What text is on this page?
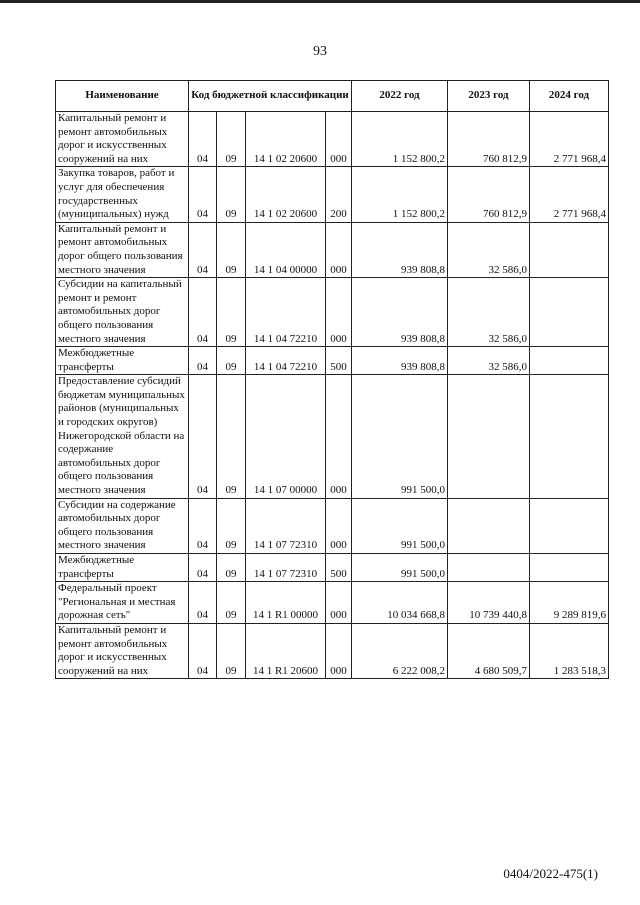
93
Наименование	Код бюджетной классификации				2022 год	2023 год	2024 год
Капитальный ремонт и ремонт автомобильных дорог и искусственных сооружений на них	04	09	14 1 02 20600	000	1 152 800,2	760 812,9	2 771 968,4
Закупка товаров, работ и услуг для обеспечения государственных (муниципальных) нужд	04	09	14 1 02 20600	200	1 152 800,2	760 812,9	2 771 968,4
Капитальный ремонт и ремонт автомобильных дорог общего пользования местного значения	04	09	14 1 04 00000	000	939 808,8	32 586,0	
Субсидии на капитальный ремонт и ремонт автомобильных дорог общего пользования местного значения	04	09	14 1 04 72210	000	939 808,8	32 586,0	
Межбюджетные трансферты	04	09	14 1 04 72210	500	939 808,8	32 586,0	
Предоставление субсидий бюджетам муниципальных районов (муниципальных и городских округов) Нижегородской области на содержание автомобильных дорог общего пользования местного значения	04	09	14 1 07 00000	000	991 500,0		
Субсидии на содержание автомобильных дорог общего пользования местного значения	04	09	14 1 07 72310	000	991 500,0		
Межбюджетные трансферты	04	09	14 1 07 72310	500	991 500,0		
Федеральный проект "Региональная и местная дорожная сеть"	04	09	14 1 R1 00000	000	10 034 668,8	10 739 440,8	9 289 819,6
Капитальный ремонт и ремонт автомобильных дорог и искусственных сооружений на них	04	09	14 1 R1 20600	000	6 222 008,2	4 680 509,7	1 283 518,3
0404/2022-475(1)
